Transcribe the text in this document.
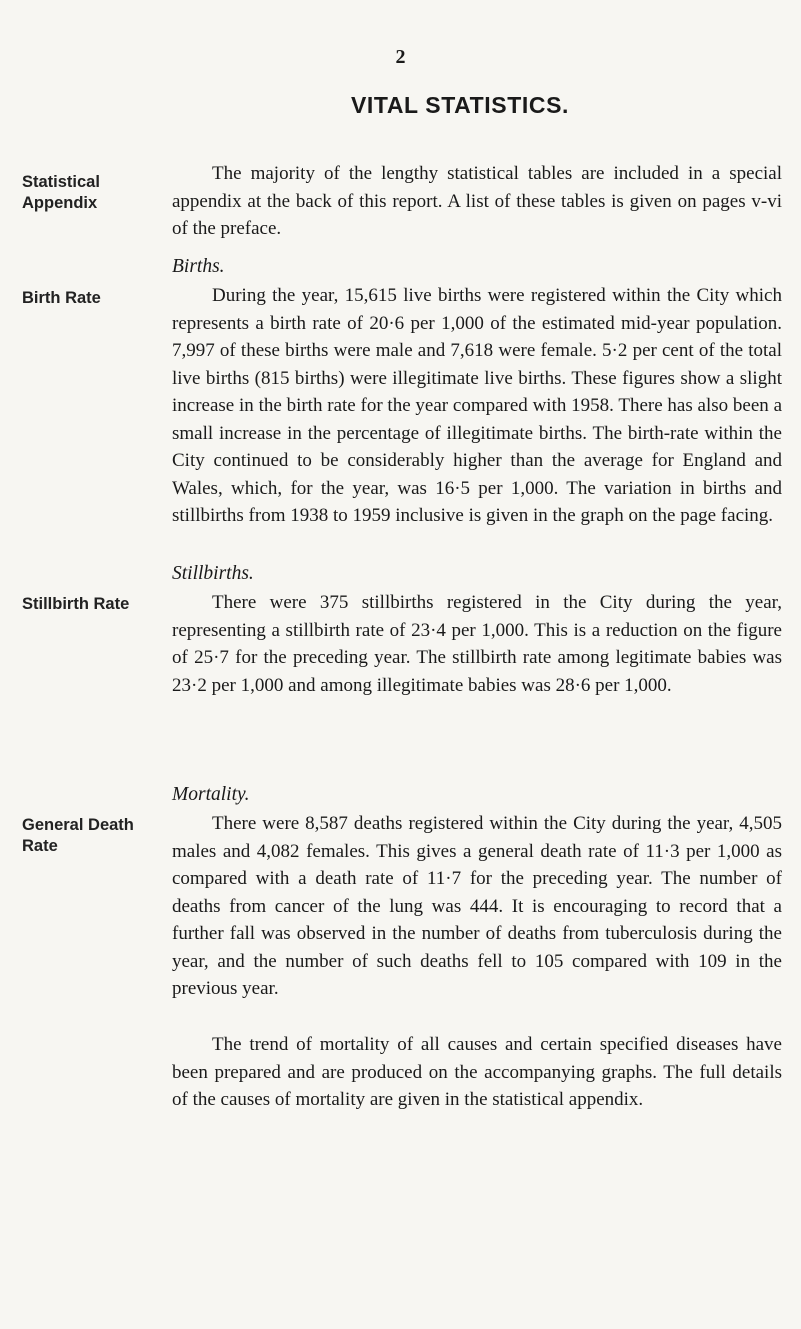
2
VITAL STATISTICS.
Statistical Appendix
Birth Rate
Stillbirth Rate
General Death Rate

The majority of the lengthy statistical tables are included in a special appendix at the back of this report. A list of these tables is given on pages v-vi of the preface.

Births.

During the year, 15,615 live births were registered within the City which represents a birth rate of 20·6 per 1,000 of the estimated mid-year population. 7,997 of these births were male and 7,618 were female. 5·2 per cent of the total live births (815 births) were illegitimate live births. These figures show a slight increase in the birth rate for the year compared with 1958. There has also been a small increase in the percentage of illegitimate births. The birth-rate within the City continued to be considerably higher than the average for England and Wales, which, for the year, was 16·5 per 1,000. The variation in births and stillbirths from 1938 to 1959 inclusive is given in the graph on the page facing.

Stillbirths.

There were 375 stillbirths registered in the City during the year, representing a stillbirth rate of 23·4 per 1,000. This is a reduction on the figure of 25·7 for the preceding year. The stillbirth rate among legitimate babies was 23·2 per 1,000 and among illegitimate babies was 28·6 per 1,000.

Mortality.

There were 8,587 deaths registered within the City during the year, 4,505 males and 4,082 females. This gives a general death rate of 11·3 per 1,000 as compared with a death rate of 11·7 for the preceding year. The number of deaths from cancer of the lung was 444. It is encouraging to record that a further fall was observed in the number of deaths from tuberculosis during the year, and the number of such deaths fell to 105 compared with 109 in the previous year.

The trend of mortality of all causes and certain specified diseases have been prepared and are produced on the accompanying graphs. The full details of the causes of mortality are given in the statistical appendix.
